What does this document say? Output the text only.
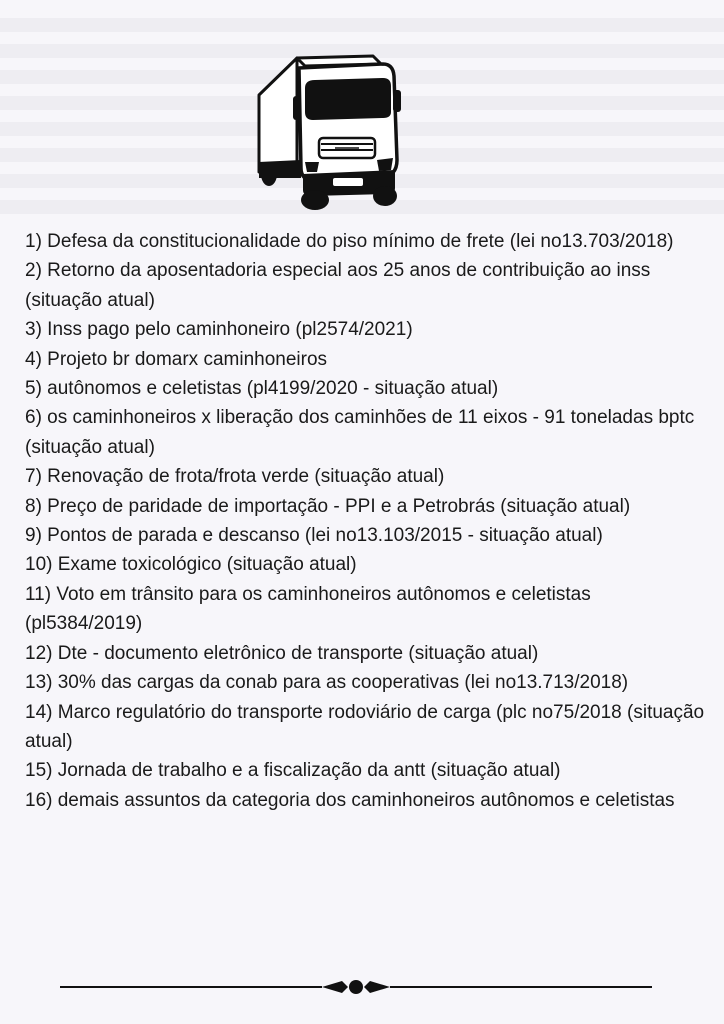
1) Defesa da constitucionalidade do piso mínimo de frete (lei no13.703/2018)
2) Retorno da aposentadoria especial aos 25 anos de contribuição ao inss (situação atual)
3) Inss pago pelo caminhoneiro (pl2574/2021)
4) Projeto br domarx caminhoneiros
5) autônomos e celetistas (pl4199/2020 - situação atual)
6) os caminhoneiros x liberação dos caminhões de 11 eixos - 91 toneladas bptc (situação atual)
7) Renovação de frota/frota verde (situação atual)
8) Preço de paridade de importação - PPI e a Petrobrás (situação atual)
9) Pontos de parada e descanso (lei no13.103/2015 - situação atual)
10) Exame toxicológico (situação atual)
11) Voto em trânsito para os caminhoneiros autônomos e celetistas (pl5384/2019)
12) Dte - documento eletrônico de transporte (situação atual)
13) 30% das cargas da conab para as cooperativas (lei no13.713/2018)
14) Marco regulatório do transporte rodoviário de carga (plc no75/2018 (situação atual)
15) Jornada de trabalho e a fiscalização da antt (situação atual)
16) demais assuntos da categoria dos caminhoneiros autônomos e celetistas
